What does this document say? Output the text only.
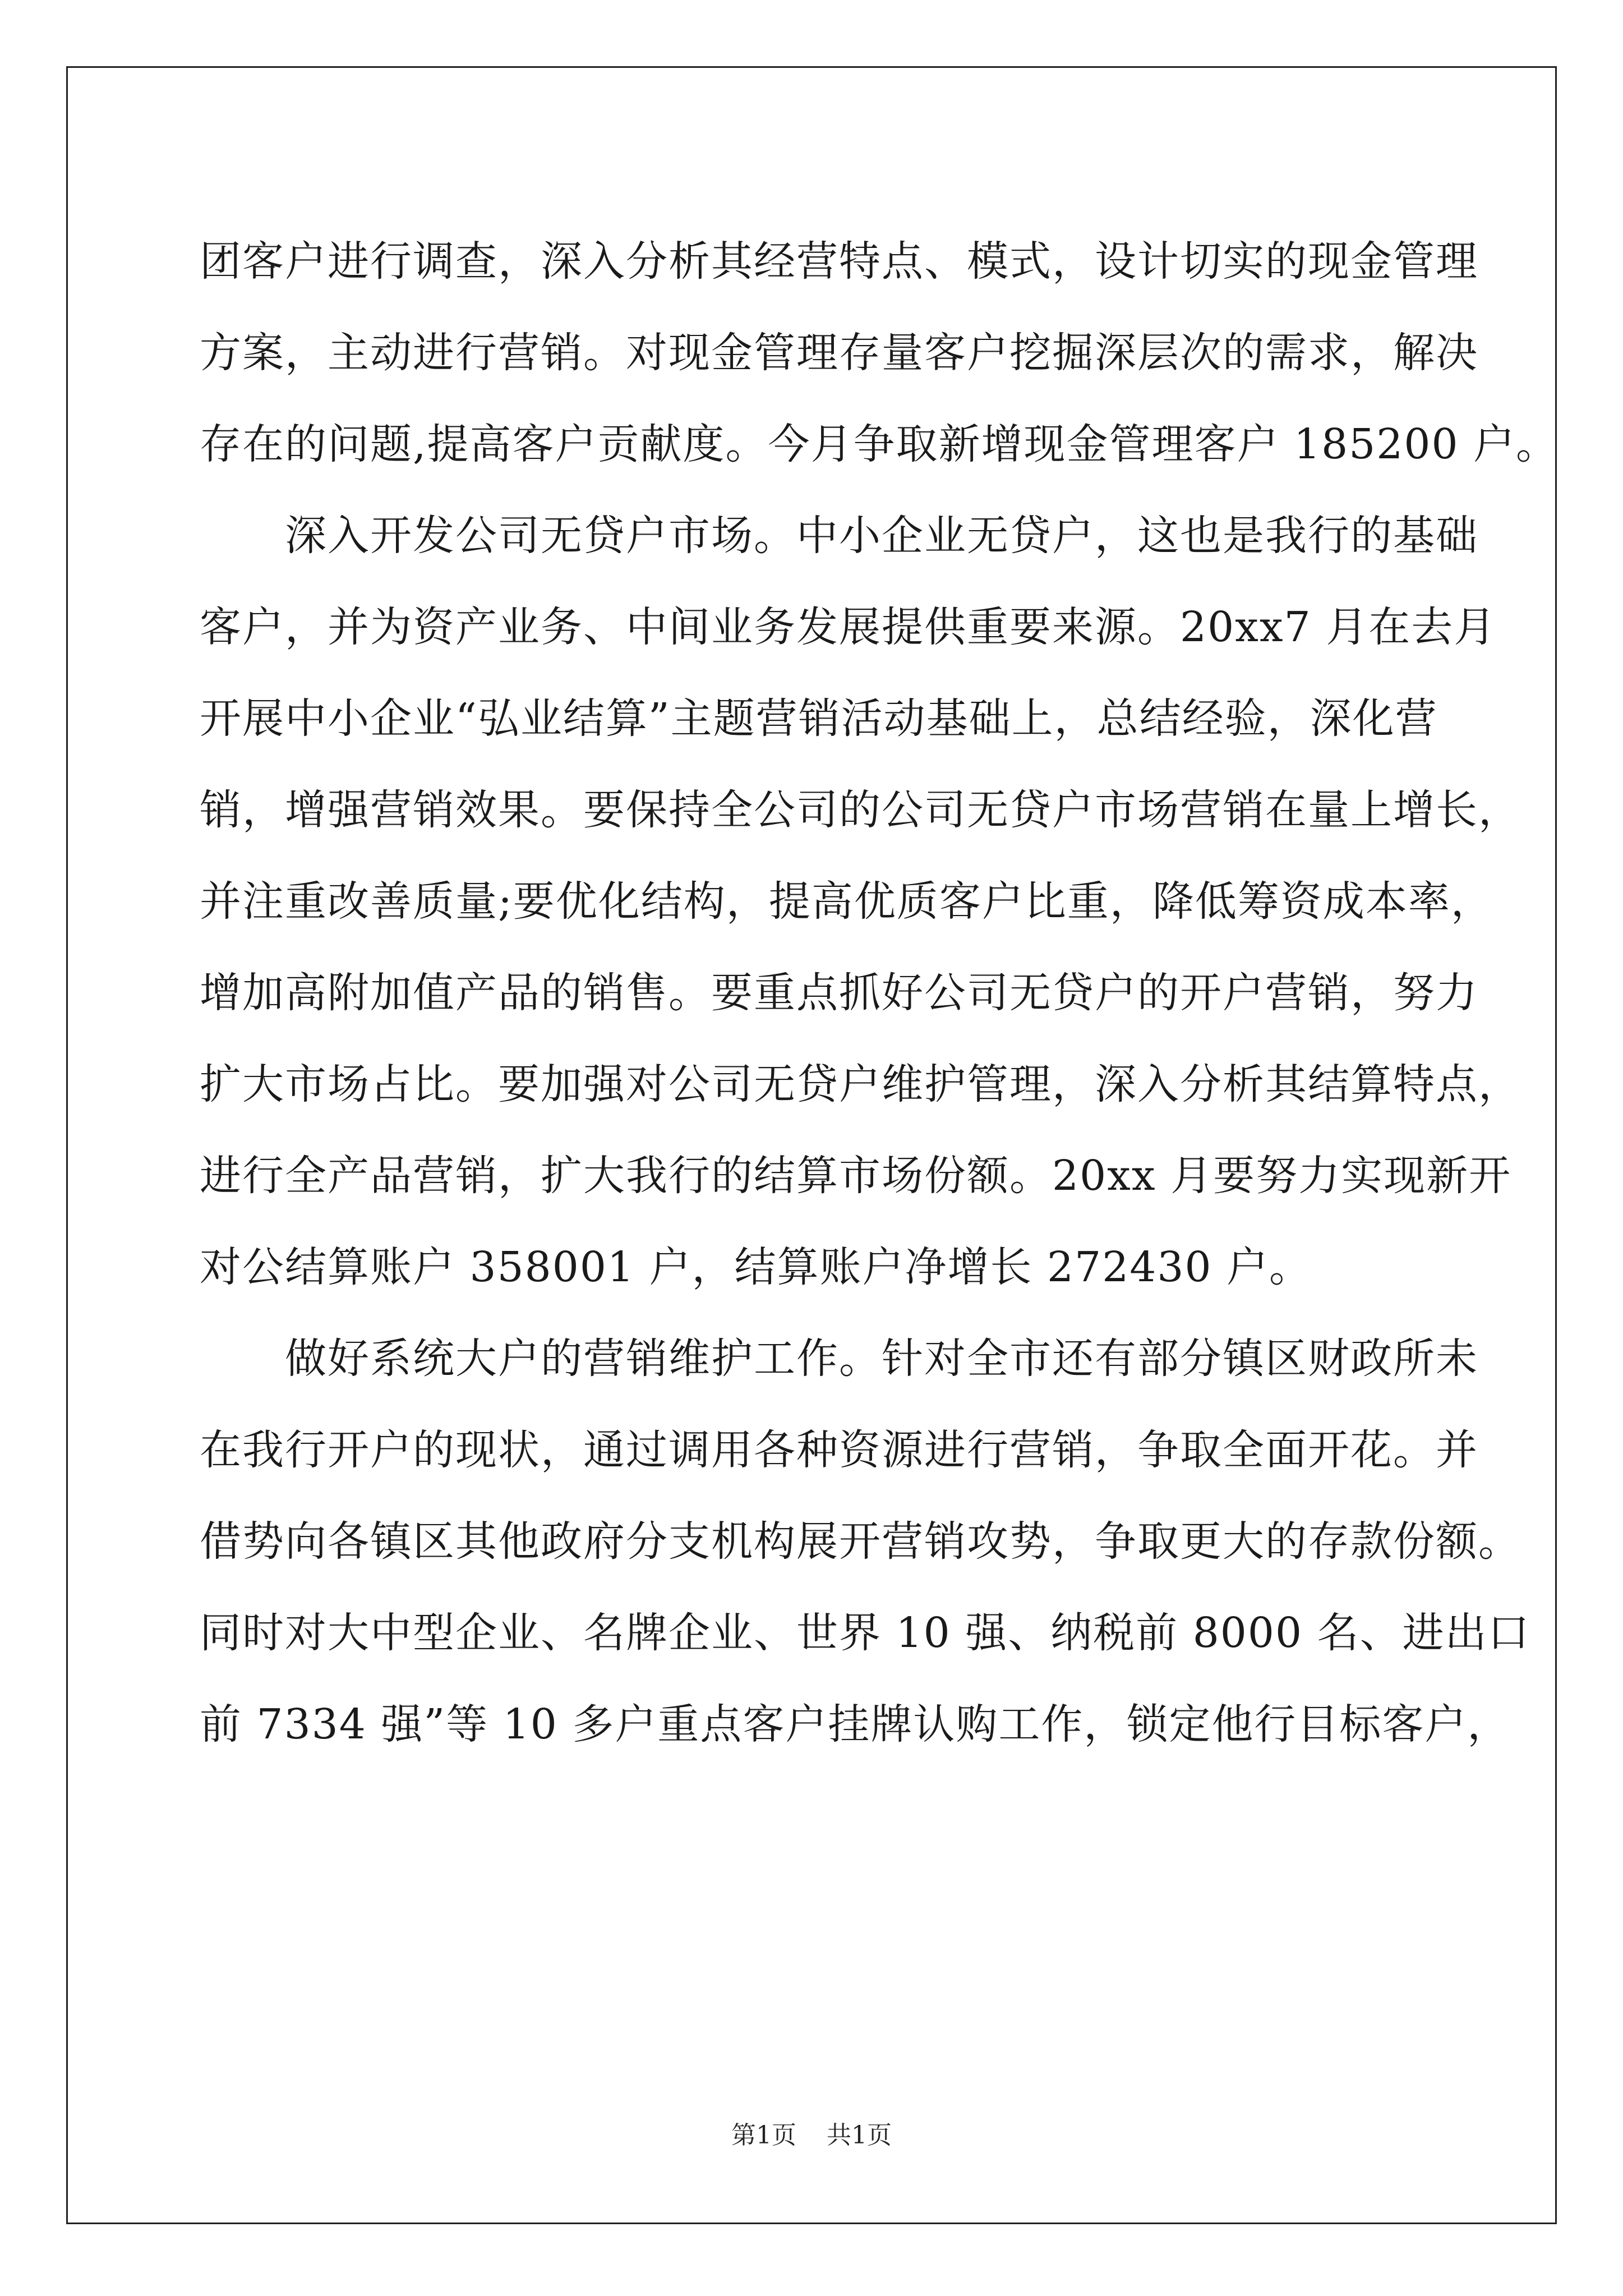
团客户进行调查，深入分析其经营特点、模式，设计切实的现金管理

方案，主动进行营销。对现金管理存量客户挖掘深层次的需求，解决

存在的问题,提高客户贡献度。今月争取新增现金管理客户 185200 户。

　　深入开发公司无贷户市场。中小企业无贷户，这也是我行的基础

客户，并为资产业务、中间业务发展提供重要来源。20xx7 月在去月

开展中小企业“弘业结算”主题营销活动基础上，总结经验，深化营

销，增强营销效果。要保持全公司的公司无贷户市场营销在量上增长，

并注重改善质量;要优化结构，提高优质客户比重，降低筹资成本率，

增加高附加值产品的销售。要重点抓好公司无贷户的开户营销，努力

扩大市场占比。要加强对公司无贷户维护管理，深入分析其结算特点，

进行全产品营销，扩大我行的结算市场份额。20xx 月要努力实现新开

对公结算账户 358001 户，结算账户净增长 272430 户。

　　做好系统大户的营销维护工作。针对全市还有部分镇区财政所未

在我行开户的现状，通过调用各种资源进行营销，争取全面开花。并

借势向各镇区其他政府分支机构展开营销攻势，争取更大的存款份额。

同时对大中型企业、名牌企业、世界 10 强、纳税前 8000 名、进出口

前 7334 强”等 10 多户重点客户挂牌认购工作，锁定他行目标客户，

第1页 共1页
